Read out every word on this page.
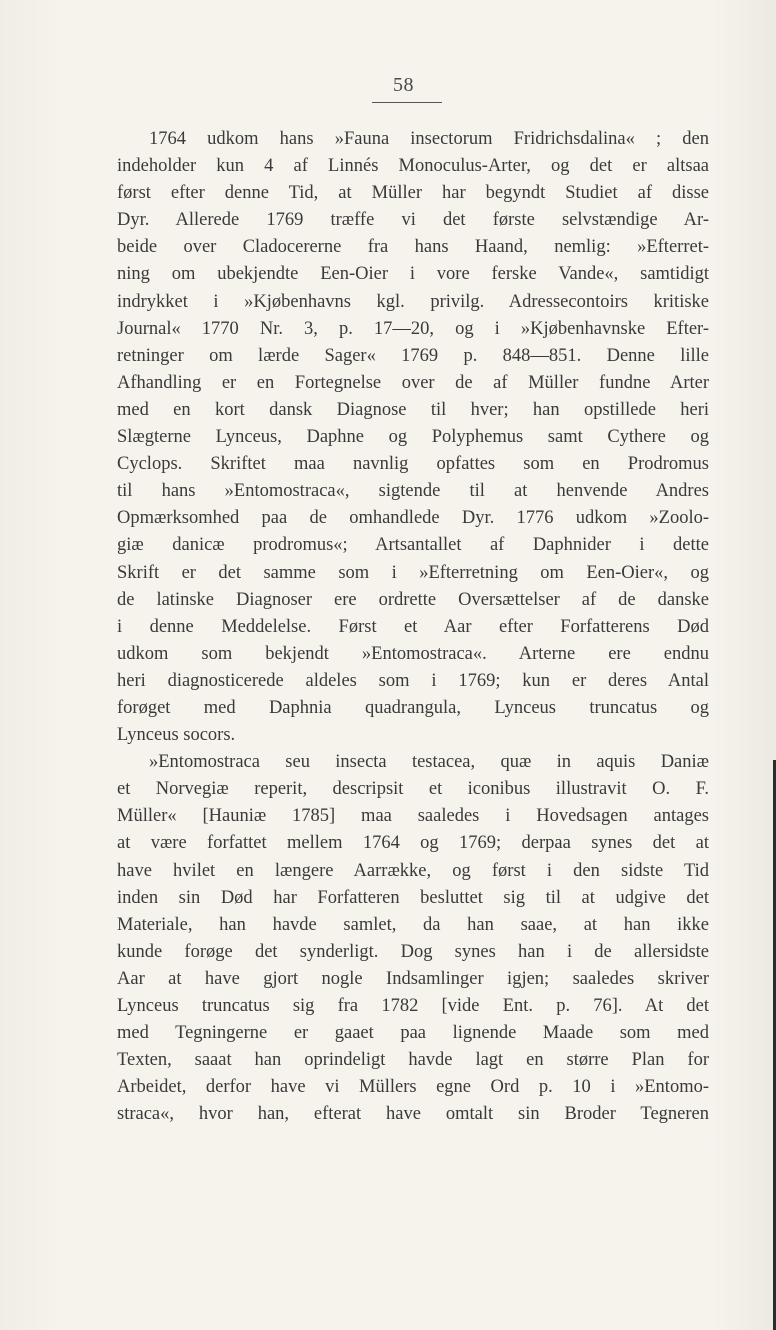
58
1764 udkom hans »Fauna insectorum Fridrichsdalina« ; den
indeholder kun 4 af Linnés Monoculus-Arter, og det er altsaa
først efter denne Tid, at Müller har begyndt Studiet af disse
Dyr. Allerede 1769 træffe vi det første selvstændige Ar-
beide over Cladocererne fra hans Haand, nemlig: »Efterret-
ning om ubekjendte Een-Oier i vore ferske Vande«, samtidigt
indrykket i »Kjøbenhavns kgl. privilg. Adressecontoirs kritiske
Journal« 1770 Nr. 3, p. 17—20, og i »Kjøbenhavnske Efter-
retninger om lærde Sager« 1769 p. 848—851. Denne lille
Afhandling er en Fortegnelse over de af Müller fundne Arter
med en kort dansk Diagnose til hver; han opstillede heri
Slægterne Lynceus, Daphne og Polyphemus samt Cythere og
Cyclops. Skriftet maa navnlig opfattes som en Prodromus
til hans »Entomostraca«, sigtende til at henvende Andres
Opmærksomhed paa de omhandlede Dyr. 1776 udkom »Zoolo-
giæ danicæ prodromus«; Artsantallet af Daphnider i dette
Skrift er det samme som i »Efterretning om Een-Oier«, og
de latinske Diagnoser ere ordrette Oversættelser af de danske
i denne Meddelelse. Først et Aar efter Forfatterens Død
udkom som bekjendt »Entomostraca«. Arterne ere endnu
heri diagnosticerede aldeles som i 1769; kun er deres Antal
forøget med Daphnia quadrangula, Lynceus truncatus og
Lynceus socors.
»Entomostraca seu insecta testacea, quæ in aquis Daniæ
et Norvegiæ reperit, descripsit et iconibus illustravit O. F.
Müller« [Hauniæ 1785] maa saaledes i Hovedsagen antages
at være forfattet mellem 1764 og 1769; derpaa synes det at
have hvilet en længere Aarrække, og først i den sidste Tid
inden sin Død har Forfatteren besluttet sig til at udgive det
Materiale, han havde samlet, da han saae, at han ikke
kunde forøge det synderligt. Dog synes han i de allersidste
Aar at have gjort nogle Indsamlinger igjen; saaledes skriver
Lynceus truncatus sig fra 1782 [vide Ent. p. 76]. At det
med Tegningerne er gaaet paa lignende Maade som med
Texten, saaat han oprindeligt havde lagt en større Plan for
Arbeidet, derfor have vi Müllers egne Ord p. 10 i »Entomo-
straca«, hvor han, efterat have omtalt sin Broder Tegneren
